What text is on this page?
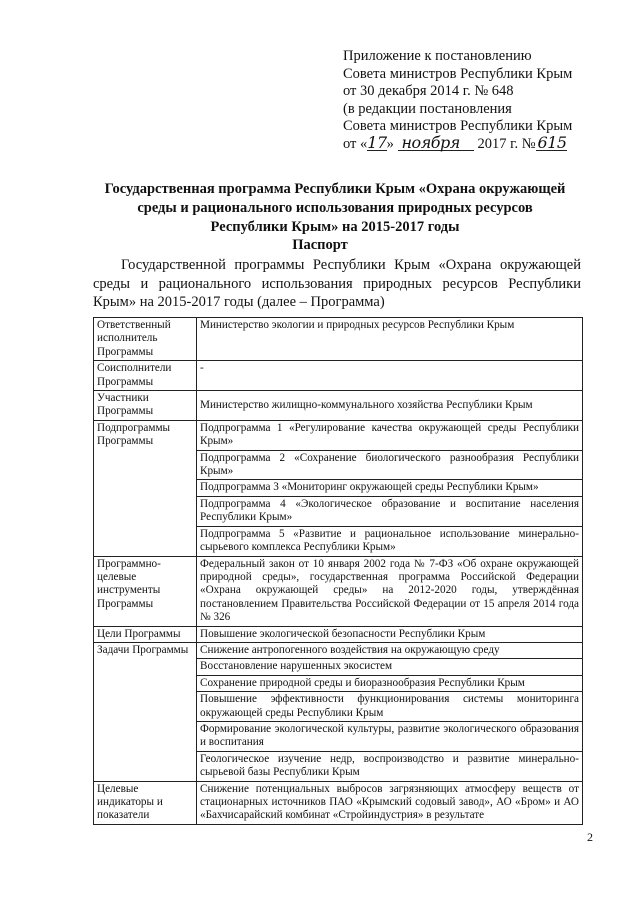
Приложение к постановлению
Совета министров Республики Крым
от 30 декабря 2014 г. № 648
(в редакции постановления
Совета министров Республики Крым
от «17» ноября 2017 г. № 615
Государственная программа Республики Крым «Охрана окружающей среды и рационального использования природных ресурсов Республики Крым» на 2015-2017 годы
Паспорт

Государственной программы Республики Крым «Охрана окружающей среды и рационального использования природных ресурсов Республики Крым» на 2015-2017 годы (далее – Программа)

Ответственный исполнитель Программы	Министерство экологии и природных ресурсов Республики Крым
Соисполнители Программы	-
Участники Программы	Министерство жилищно-коммунального хозяйства Республики Крым
Подпрограммы Программы	Подпрограмма 1 «Регулирование качества окружающей среды Республики Крым»
	Подпрограмма 2 «Сохранение биологического разнообразия Республики Крым»
	Подпрограмма 3 «Мониторинг окружающей среды Республики Крым»
	Подпрограмма 4 «Экологическое образование и воспитание населения Республики Крым»
	Подпрограмма 5 «Развитие и рациональное использование минерально-сырьевого комплекса Республики Крым»
Программно-целевые инструменты Программы	Федеральный закон от 10 января 2002 года № 7-ФЗ «Об охране окружающей природной среды», государственная программа Российской Федерации «Охрана окружающей среды» на 2012-2020 годы, утверждённая постановлением Правительства Российской Федерации от 15 апреля 2014 года № 326
Цели Программы	Повышение экологической безопасности Республики Крым
Задачи Программы	Снижение антропогенного воздействия на окружающую среду
	Восстановление нарушенных экосистем
	Сохранение природной среды и биоразнообразия Республики Крым
	Повышение эффективности функционирования системы мониторинга окружающей среды Республики Крым
	Формирование экологической культуры, развитие экологического образования и воспитания
	Геологическое изучение недр, воспроизводство и развитие минерально-сырьевой базы Республики Крым
Целевые индикаторы и показатели	Снижение потенциальных выбросов загрязняющих атмосферу веществ от стационарных источников ПАО «Крымский содовый завод», АО «Бром» и АО «Бахчисарайский комбинат «Стройиндустрия» в результате
2
